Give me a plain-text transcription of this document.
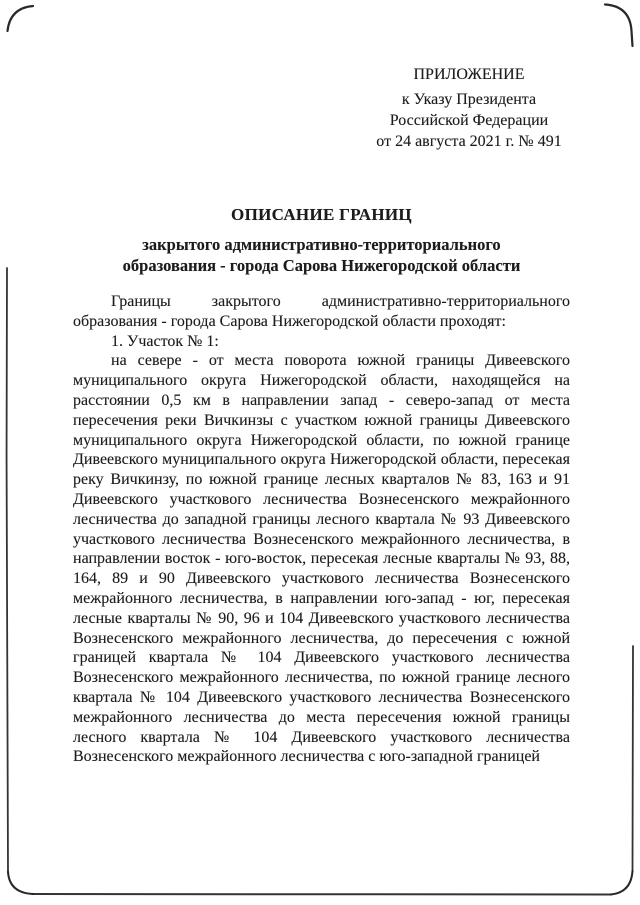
ПРИЛОЖЕНИЕ
к Указу Президента
Российской Федерации
от 24 августа 2021 г. № 491
ОПИСАНИЕ ГРАНИЦ
закрытого административно-территориального
образования - города Сарова Нижегородской области

Границы закрытого административно-территориального образования - города Сарова Нижегородской области проходят:

1. Участок № 1:

на севере - от места поворота южной границы Дивеевского муниципального округа Нижегородской области, находящейся на расстоянии 0,5 км в направлении запад - северо-запад от места пересечения реки Вичкинзы с участком южной границы Дивеевского муниципального округа Нижегородской области, по южной границе Дивеевского муниципального округа Нижегородской области, пересекая реку Вичкинзу, по южной границе лесных кварталов № 83, 163 и 91 Дивеевского участкового лесничества Вознесенского межрайонного лесничества до западной границы лесного квартала № 93 Дивеевского участкового лесничества Вознесенского межрайонного лесничества, в направлении восток - юго-восток, пересекая лесные кварталы № 93, 88, 164, 89 и 90 Дивеевского участкового лесничества Вознесенского межрайонного лесничества, в направлении юго-запад - юг, пересекая лесные кварталы № 90, 96 и 104 Дивеевского участкового лесничества Вознесенского межрайонного лесничества, до пересечения с южной границей квартала № 104 Дивеевского участкового лесничества Вознесенского межрайонного лесничества, по южной границе лесного квартала № 104 Дивеевского участкового лесничества Вознесенского межрайонного лесничества до места пересечения южной границы лесного квартала № 104 Дивеевского участкового лесничества Вознесенского межрайонного лесничества с юго-западной границей
